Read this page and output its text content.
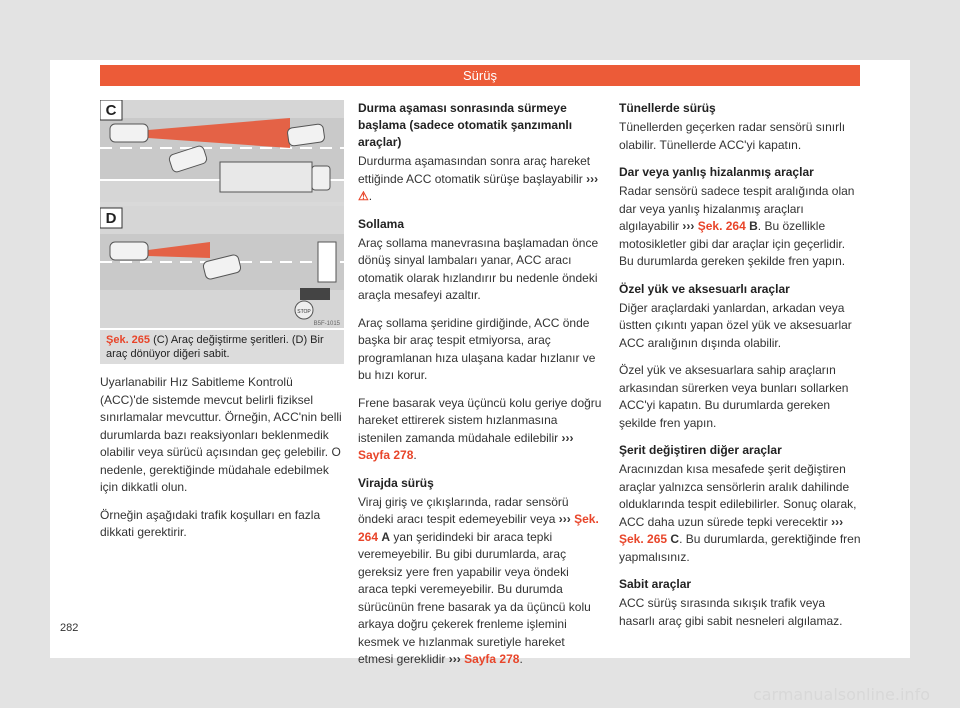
Sürüş
C
STOP
D
B5F-1015
Şek. 265 (C) Araç değiştirme şeritleri. (D) Bir araç dönüyor diğeri sabit.

Uyarlanabilir Hız Sabitleme Kontrolü (ACC)'de sistemde mevcut belirli fiziksel sınırlamalar mevcuttur. Örneğin, ACC'nin belli durumlarda bazı reaksiyonları beklenmedik olabilir veya sürücü açısından geç gelebilir. O nedenle, gerektiğinde müdahale edebilmek için dikkatli olun.

Örneğin aşağıdaki trafik koşulları en fazla dikkati gerektirir.

Durma aşaması sonrasında sürmeye başlama (sadece otomatik şanzımanlı araçlar)

Durdurma aşamasından sonra araç hareket ettiğinde ACC otomatik sürüşe başlayabilir ››› ⚠.

Sollama

Araç sollama manevrasına başlamadan önce dönüş sinyal lambaları yanar, ACC aracı otomatik olarak hızlandırır bu nedenle öndeki araçla mesafeyi azaltır.

Araç sollama şeridine girdiğinde, ACC önde başka bir araç tespit etmiyorsa, araç programlanan hıza ulaşana kadar hızlanır ve bu hızı korur.

Frene basarak veya üçüncü kolu geriye doğru hareket ettirerek sistem hızlanmasına istenilen zamanda müdahale edilebilir ››› Sayfa 278.

Virajda sürüş

Viraj giriş ve çıkışlarında, radar sensörü öndeki aracı tespit edemeyebilir veya ››› Şek. 264 A yan şeridindeki bir araca tepki veremeyebilir. Bu gibi durumlarda, araç gereksiz yere fren yapabilir veya öndeki araca tepki veremeyebilir. Bu durumda sürücünün frene basarak ya da üçüncü kolu arkaya doğru çekerek frenleme işlemini kesmek ve hızlanmak suretiyle hareket etmesi gereklidir ››› Sayfa 278.

Tünellerde sürüş

Tünellerden geçerken radar sensörü sınırlı olabilir. Tünellerde ACC'yi kapatın.

Dar veya yanlış hizalanmış araçlar

Radar sensörü sadece tespit aralığında olan dar veya yanlış hizalanmış araçları algılayabilir ››› Şek. 264 B. Bu özellikle motosikletler gibi dar araçlar için geçerlidir. Bu durumlarda gereken şekilde fren yapın.

Özel yük ve aksesuarlı araçlar

Diğer araçlardaki yanlardan, arkadan veya üstten çıkıntı yapan özel yük ve aksesuarlar ACC aralığının dışında olabilir.

Özel yük ve aksesuarlara sahip araçların arkasından sürerken veya bunları sollarken ACC'yi kapatın. Bu durumlarda gereken şekilde fren yapın.

Şerit değiştiren diğer araçlar

Aracınızdan kısa mesafede şerit değiştiren araçlar yalnızca sensörlerin aralık dahilinde olduklarında tespit edilebilirler. Sonuç olarak, ACC daha uzun sürede tepki verecektir ››› Şek. 265 C. Bu durumlarda, gerektiğinde fren yapmalısınız.

Sabit araçlar

ACC sürüş sırasında sıkışık trafik veya hasarlı araç gibi sabit nesneleri algılamaz.

282
carmanualsonline.info
